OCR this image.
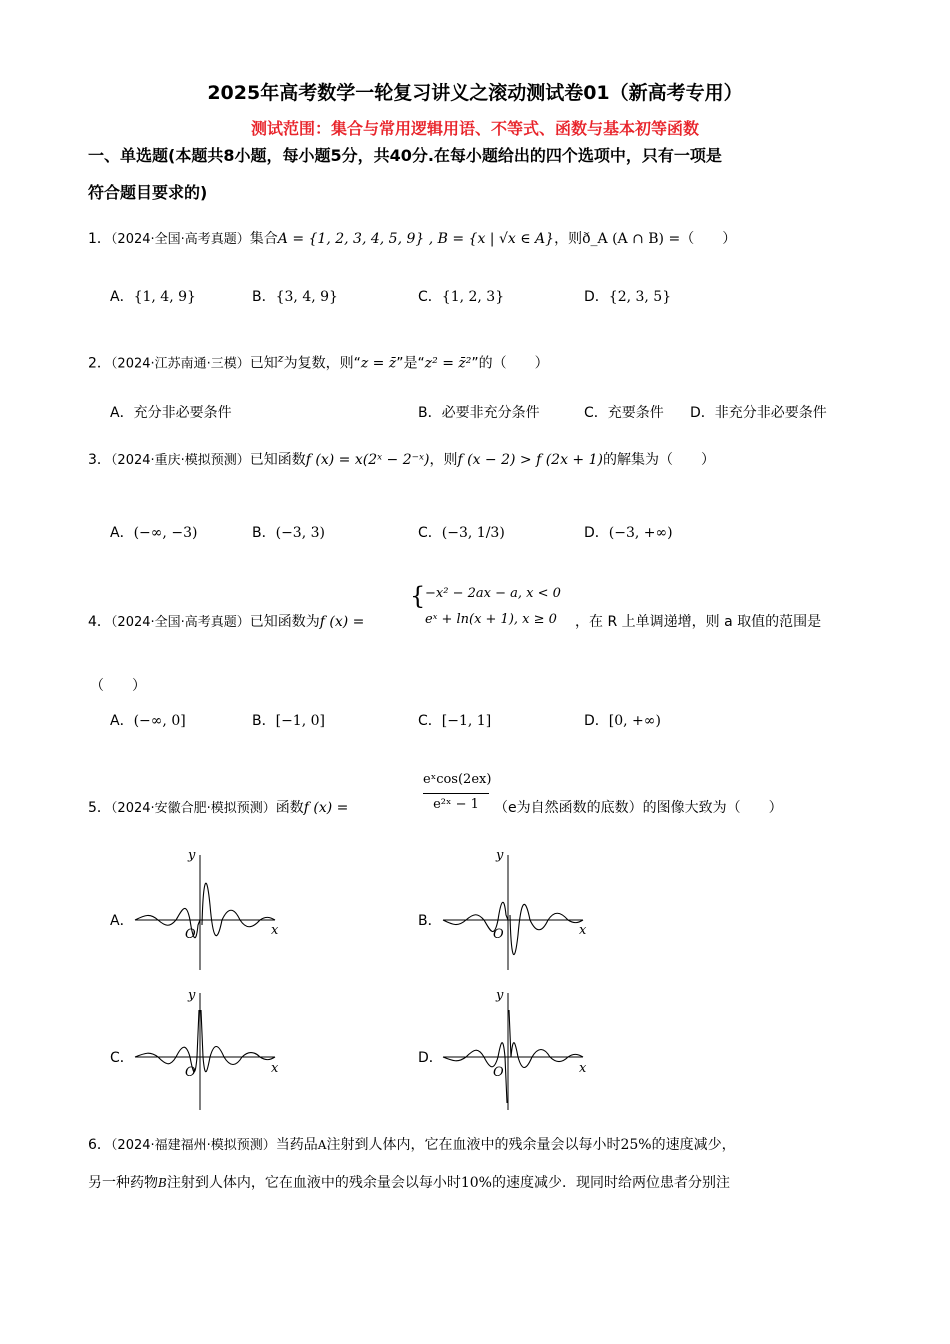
2025年高考数学一轮复习讲义之滚动测试卷01（新高考专用）
测试范围：集合与常用逻辑用语、不等式、函数与基本初等函数
一、单选题(本题共8小题，每小题5分，共40分.在每小题给出的四个选项中，只有一项是
符合题目要求的)
1．（2024·全国·高考真题）集合A = {1, 2, 3, 4, 5, 9} , B = {x | √x ∈ A}，则ð_A (A ∩ B) =（　　）
A．{1, 4, 9}	B．{3, 4, 9}	C．{1, 2, 3}	D．{2, 3, 5}
2．（2024·江苏南通·三模）已知$^z$为复数，则“z = z̄”是“z² = z̄²”的（　　）
A．充分非必要条件	B．必要非充分条件	C．充要条件 D．非充分非必要条件
3．（2024·重庆·模拟预测）已知函数f (x) = x(2ˣ − 2⁻ˣ)，则f (x − 2) > f (2x + 1)的解集为（　　）
A．(−∞, −3)	B．(−3, 3)	C．(−3, 1/3)	D．(−3, +∞)
4．（2024·全国·高考真题）已知函数为f (x) =
{ −x² − 2ax − a, x < 0
eˣ + ln(x + 1), x ≥ 0 ，在 R 上单调递增，则 a 取值的范围是
（　　）
A．(−∞, 0]	B．[−1, 0]	C．[−1, 1]	D．[0, +∞)
5．（2024·安徽合肥·模拟预测）函数f (x) =
eˣcos(2ex)
e²ˣ − 1	（e为自然函数的底数）的图像大致为（　　）
A．	B．
C．	D．
y
x
O
y
x
O
y
x
O
y
x
O
6．（2024·福建福州·模拟预测）当药品A注射到人体内，它在血液中的残余量会以每小时25%的速度减少，
另一种药物B注射到人体内，它在血液中的残余量会以每小时10%的速度减少．现同时给两位患者分别注
